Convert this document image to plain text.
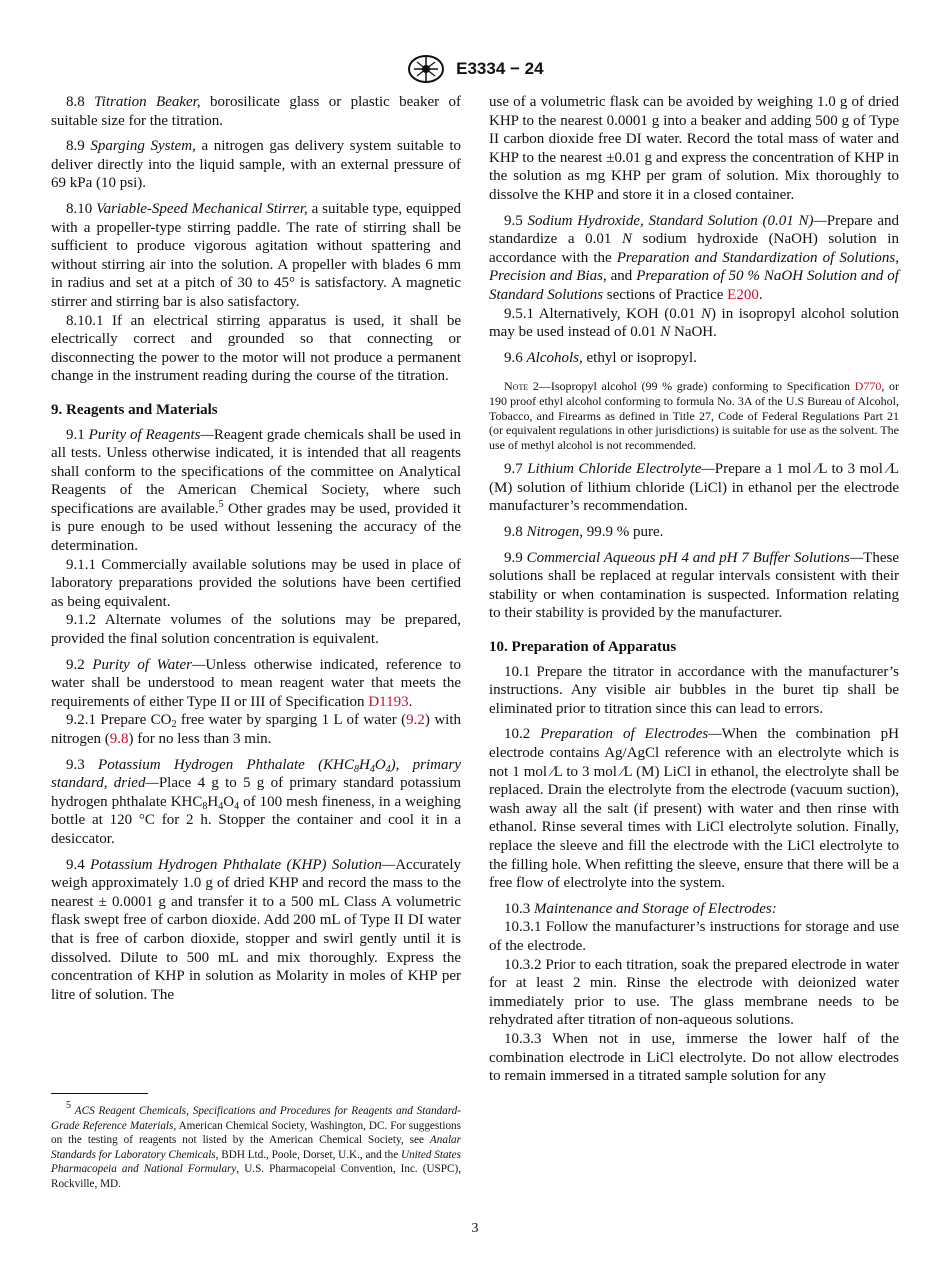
E3334 − 24

8.8 Titration Beaker, borosilicate glass or plastic beaker of suitable size for the titration.

8.9 Sparging System, a nitrogen gas delivery system suitable to deliver directly into the liquid sample, with an external pressure of 69 kPa (10 psi).

8.10 Variable-Speed Mechanical Stirrer, a suitable type, equipped with a propeller-type stirring paddle. The rate of stirring shall be sufficient to produce vigorous agitation without spattering and without stirring air into the solution. A propeller with blades 6 mm in radius and set at a pitch of 30 to 45° is satisfactory. A magnetic stirrer and stirring bar is also satisfactory.

8.10.1 If an electrical stirring apparatus is used, it shall be electrically correct and grounded so that connecting or disconnecting the power to the motor will not produce a permanent change in the instrument reading during the course of the titration.

9. Reagents and Materials

9.1 Purity of Reagents—Reagent grade chemicals shall be used in all tests. Unless otherwise indicated, it is intended that all reagents shall conform to the specifications of the committee on Analytical Reagents of the American Chemical Society, where such specifications are available.$^5$ Other grades may be used, provided it is pure enough to be used without lessening the accuracy of the determination.

9.1.1 Commercially available solutions may be used in place of laboratory preparations provided the solutions have been certified as being equivalent.

9.1.2 Alternate volumes of the solutions may be prepared, provided the final solution concentration is equivalent.

9.2 Purity of Water—Unless otherwise indicated, reference to water shall be understood to mean reagent water that meets the requirements of either Type II or III of Specification D1193.

9.2.1 Prepare $CO_2$ free water by sparging 1 L of water (9.2) with nitrogen (9.8) for no less than 3 min.

9.3 Potassium Hydrogen Phthalate $(KHC_8H_4O_4)$, primary standard, dried—Place 4 g to 5 g of primary standard potassium hydrogen phthalate $KHC_8H_4O_4$ of 100 mesh fineness, in a weighing bottle at 120 °C for 2 h. Stopper the container and cool it in a desiccator.

9.4 Potassium Hydrogen Phthalate (KHP) Solution—Accurately weigh approximately 1.0 g of dried KHP and record the mass to the nearest ± 0.0001 g and transfer it to a 500 mL Class A volumetric flask swept free of carbon dioxide. Add 200 mL of Type II DI water that is free of carbon dioxide, stopper and swirl gently until it is dissolved. Dilute to 500 mL and mix thoroughly. Express the concentration of KHP in solution as Molarity in moles of KHP per litre of solution. The

$^5$ ACS Reagent Chemicals, Specifications and Procedures for Reagents and Standard-Grade Reference Materials, American Chemical Society, Washington, DC. For suggestions on the testing of reagents not listed by the American Chemical Society, see Analar Standards for Laboratory Chemicals, BDH Ltd., Poole, Dorset, U.K., and the United States Pharmacopeia and National Formulary, U.S. Pharmacopeial Convention, Inc. (USPC), Rockville, MD.

use of a volumetric flask can be avoided by weighing 1.0 g of dried KHP to the nearest 0.0001 g into a beaker and adding 500 g of Type II carbon dioxide free DI water. Record the total mass of water and KHP to the nearest ±0.01 g and express the concentration of KHP in the solution as mg KHP per gram of solution. Mix thoroughly to dissolve the KHP and store it in a closed container.

9.5 Sodium Hydroxide, Standard Solution (0.01 N)—Prepare and standardize a 0.01 N sodium hydroxide (NaOH) solution in accordance with the Preparation and Standardization of Solutions, Precision and Bias, and Preparation of 50 % NaOH Solution and of Standard Solutions sections of Practice E200.

9.5.1 Alternatively, KOH (0.01 N) in isopropyl alcohol solution may be used instead of 0.01 N NaOH.

9.6 Alcohols, ethyl or isopropyl.

Note 2—Isopropyl alcohol (99 % grade) conforming to Specification D770, or 190 proof ethyl alcohol conforming to formula No. 3A of the U.S Bureau of Alcohol, Tobacco, and Firearms as defined in Title 27, Code of Federal Regulations Part 21 (or equivalent regulations in other jurisdictions) is suitable for use as the solvent. The use of methyl alcohol is not recommended.

9.7 Lithium Chloride Electrolyte—Prepare a 1 mol ⁄L to 3 mol ⁄L (M) solution of lithium chloride (LiCl) in ethanol per the electrode manufacturer’s recommendation.

9.8 Nitrogen, 99.9 % pure.

9.9 Commercial Aqueous pH 4 and pH 7 Buffer Solutions—These solutions shall be replaced at regular intervals consistent with their stability or when contamination is suspected. Information relating to their stability is provided by the manufacturer.

10. Preparation of Apparatus

10.1 Prepare the titrator in accordance with the manufacturer’s instructions. Any visible air bubbles in the buret tip shall be eliminated prior to titration since this can lead to errors.

10.2 Preparation of Electrodes—When the combination pH electrode contains Ag/AgCl reference with an electrolyte which is not 1 mol ⁄L to 3 mol ⁄L (M) LiCl in ethanol, the electrolyte shall be replaced. Drain the electrolyte from the electrode (vacuum suction), wash away all the salt (if present) with water and then rinse with ethanol. Rinse several times with LiCl electrolyte solution. Finally, replace the sleeve and fill the electrode with the LiCl electrolyte to the filling hole. When refitting the sleeve, ensure that there will be a free flow of electrolyte into the system.

10.3 Maintenance and Storage of Electrodes:

10.3.1 Follow the manufacturer’s instructions for storage and use of the electrode.

10.3.2 Prior to each titration, soak the prepared electrode in water for at least 2 min. Rinse the electrode with deionized water immediately prior to use. The glass membrane needs to be rehydrated after titration of non-aqueous solutions.

10.3.3 When not in use, immerse the lower half of the combination electrode in LiCl electrolyte. Do not allow electrodes to remain immersed in a titrated sample solution for any

3
